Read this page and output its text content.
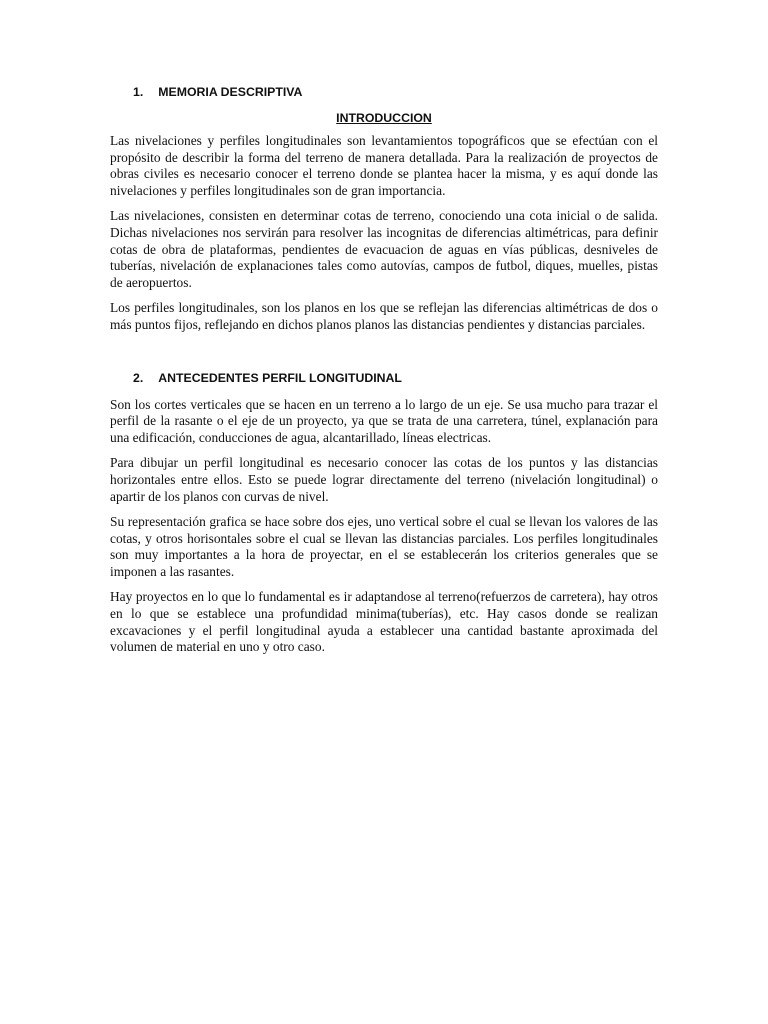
1. MEMORIA DESCRIPTIVA
INTRODUCCION

Las nivelaciones y perfiles longitudinales son levantamientos topográficos que se efectúan con el propósito de describir la forma del terreno de manera detallada. Para la realización de proyectos de obras civiles es necesario conocer el terreno donde se plantea hacer la misma, y es aquí donde las nivelaciones y perfiles longitudinales son de gran importancia.

Las nivelaciones, consisten en determinar cotas de terreno, conociendo una cota inicial o de salida. Dichas nivelaciones nos servirán para resolver las incognitas de diferencias altimétricas, para definir cotas de obra de plataformas, pendientes de evacuacion de aguas en vías públicas, desniveles de tuberías, nivelación de explanaciones tales como autovías, campos de futbol, diques, muelles, pistas de aeropuertos.

Los perfiles longitudinales, son los planos en los que se reflejan las diferencias altimétricas de dos o más puntos fijos, reflejando en dichos planos planos las distancias pendientes y distancias parciales.

2. ANTECEDENTES PERFIL LONGITUDINAL

Son los cortes verticales que se hacen en un terreno a lo largo de un eje. Se usa mucho para trazar el perfil de la rasante o el eje de un proyecto, ya que se trata de una carretera, túnel, explanación para una edificación, conducciones de agua, alcantarillado, líneas electricas.

Para dibujar un perfil longitudinal es necesario conocer las cotas de los puntos y las distancias horizontales entre ellos. Esto se puede lograr directamente del terreno (nivelación longitudinal) o apartir de los planos con curvas de nivel.

Su representación grafica se hace sobre dos ejes, uno vertical sobre el cual se llevan los valores de las cotas, y otros horisontales sobre el cual se llevan las distancias parciales. Los perfiles longitudinales son muy importantes a la hora de proyectar, en el se establecerán los criterios generales que se imponen a las rasantes.

Hay proyectos en lo que lo fundamental es ir adaptandose al terreno(refuerzos de carretera), hay otros en lo que se establece una profundidad minima(tuberías), etc. Hay casos donde se realizan excavaciones y el perfil longitudinal ayuda a establecer una cantidad bastante aproximada del volumen de material en uno y otro caso.
